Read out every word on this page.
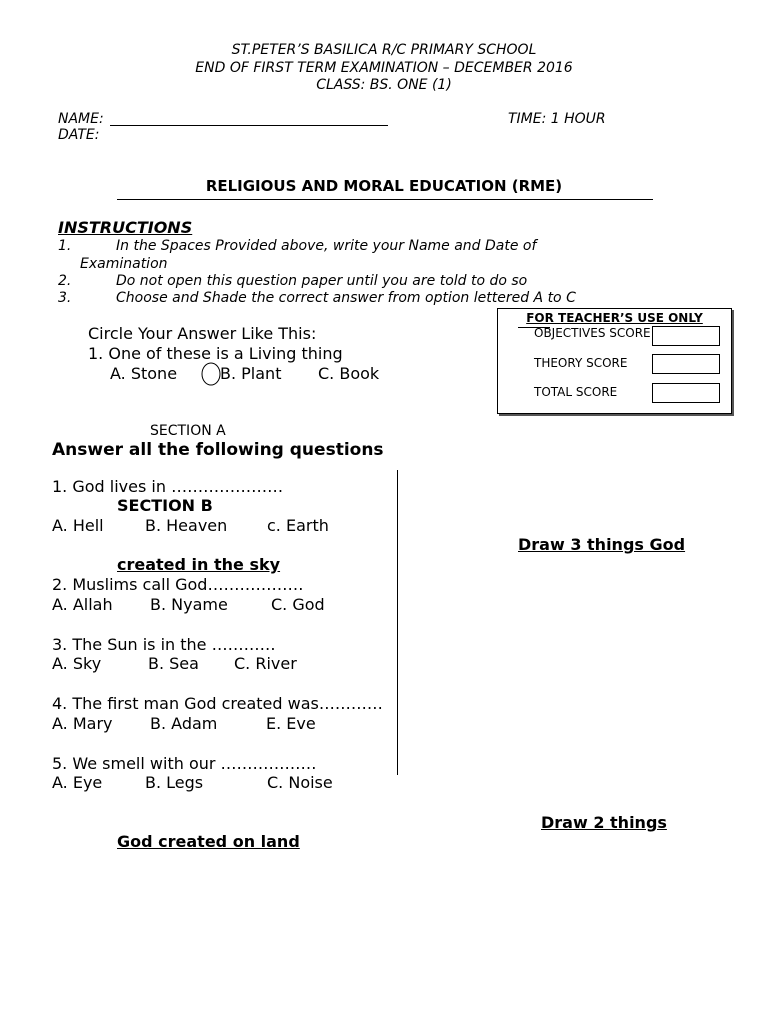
ST.PETER’S BASILICA R/C PRIMARY SCHOOL
END OF FIRST TERM EXAMINATION – DECEMBER 2016
CLASS: BS. ONE (1)
NAME:	TIME: 1 HOUR
DATE:
RELIGIOUS AND MORAL EDUCATION (RME)
INSTRUCTIONS
1.	In the Spaces Provided above, write your Name and Date of
Examination
2.	Do not open this question paper until you are told to do so
3.	Choose and Shade the correct answer from option lettered A to C
Circle Your Answer Like This:
1. One of these is a Living thing
A. Stone	B. Plant C. Book
FOR TEACHER’S USE ONLY
OBJECTIVES SCORE
THEORY SCORE
TOTAL SCORE
SECTION A
Answer all the following questions
1. God lives in …………………
SECTION B
A. Hell	B. Heaven c. Earth
Draw 3 things God
created in the sky
2. Muslims call God………………
A. Allah B. Nyame	C. God
3. The Sun is in the …………
A. Sky	B. Sea C. River
4. The first man God created was…………
A. Mary B. Adam	E. Eve
5. We smell with our ………………
A. Eye	B. Legs	C. Noise
Draw 2 things
God created on land
